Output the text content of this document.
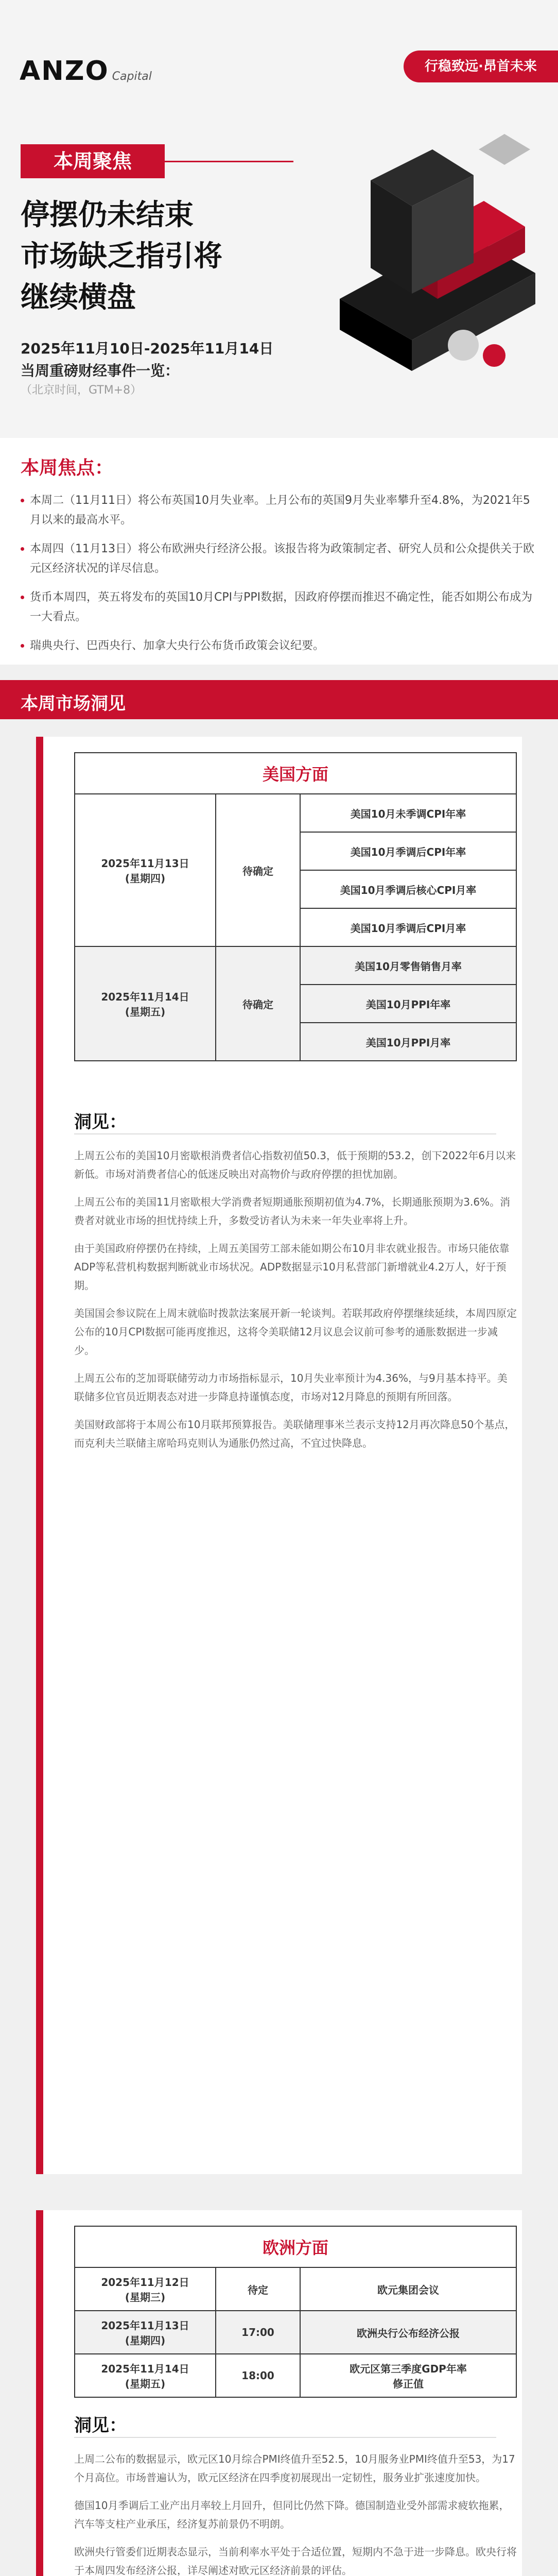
ANZO Capital
行稳致远·昂首未来
本周聚焦
停摆仍未结束
市场缺乏指引将
继续横盘
2025年11月10日-2025年11月14日
当周重磅财经事件一览：
（北京时间，GTM+8）
本周焦点：
本周二（11月11日）将公布英国10月失业率。上月公布的英国9月失业率攀升至4.8%，为2021年5月以来的最高水平。
本周四（11月13日）将公布欧洲央行经济公报。该报告将为政策制定者、研究人员和公众提供关于欧元区经济状况的详尽信息。
货币本周四，英五将发布的英国10月CPI与PPI数据，因政府停摆而推迟不确定性，能否如期公布成为一大看点。
瑞典央行、巴西央行、加拿大央行公布货币政策会议纪要。
本周市场洞见
美国方面		
2025年11月13日
(星期四)	待确定	美国10月未季调CPI年率
		美国10月季调后CPI年率
		美国10月季调后核心CPI月率
		美国10月季调后CPI月率
2025年11月14日
(星期五)	待确定	美国10月零售销售月率
		美国10月PPI年率
		美国10月PPI月率
洞见：

上周五公布的美国10月密歇根消费者信心指数初值50.3，低于预期的53.2，创下2022年6月以来新低。市场对消费者信心的低迷反映出对高物价与政府停摆的担忧加剧。

上周五公布的美国11月密歇根大学消费者短期通胀预期初值为4.7%，长期通胀预期为3.6%。消费者对就业市场的担忧持续上升，多数受访者认为未来一年失业率将上升。

由于美国政府停摆仍在持续，上周五美国劳工部未能如期公布10月非农就业报告。市场只能依靠ADP等私营机构数据判断就业市场状况。ADP数据显示10月私营部门新增就业4.2万人，好于预期。

美国国会参议院在上周末就临时拨款法案展开新一轮谈判。若联邦政府停摆继续延续，本周四原定公布的10月CPI数据可能再度推迟，这将令美联储12月议息会议前可参考的通胀数据进一步减少。

上周五公布的芝加哥联储劳动力市场指标显示，10月失业率预计为4.36%，与9月基本持平。美联储多位官员近期表态对进一步降息持谨慎态度，市场对12月降息的预期有所回落。

美国财政部将于本周公布10月联邦预算报告。美联储理事米兰表示支持12月再次降息50个基点，而克利夫兰联储主席哈玛克则认为通胀仍然过高，不宜过快降息。

欧洲方面		
2025年11月12日
(星期三)	待定	欧元集团会议
2025年11月13日
(星期四)	17:00	欧洲央行公布经济公报
2025年11月14日
(星期五)	18:00	欧元区第三季度GDP年率
修正值
洞见：

上周二公布的数据显示，欧元区10月综合PMI终值升至52.5，10月服务业PMI终值升至53，为17个月高位。市场普遍认为，欧元区经济在四季度初展现出一定韧性，服务业扩张速度加快。

德国10月季调后工业产出月率较上月回升，但同比仍然下降。德国制造业受外部需求疲软拖累，汽车等支柱产业承压，经济复苏前景仍不明朗。

欧洲央行管委们近期表态显示，当前利率水平处于合适位置，短期内不急于进一步降息。欧央行将于本周四发布经济公报，详尽阐述对欧元区经济前景的评估。
